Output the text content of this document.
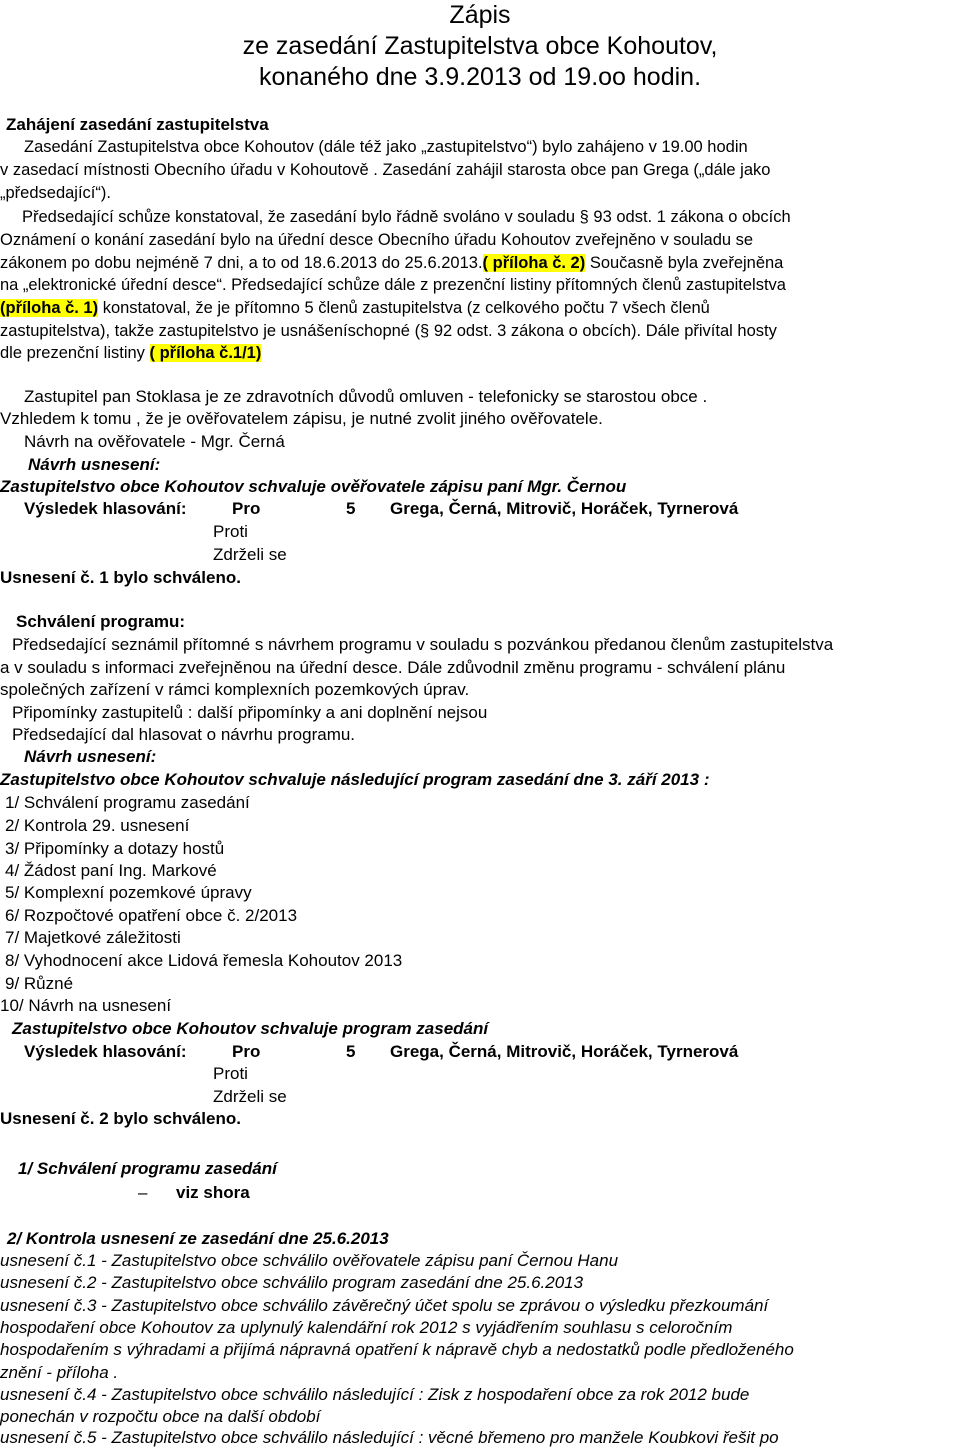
Zápis
ze zasedání Zastupitelstva obce Kohoutov,
konaného dne 3.9.2013 od 19.oo hodin.
Zahájení zasedání zastupitelstva
Zasedání Zastupitelstva obce Kohoutov (dále též jako „zastupitelstvo“) bylo zahájeno v 19.00 hodin
v zasedací místnosti Obecního úřadu v Kohoutově . Zasedání zahájil starosta obce pan Grega („dále jako
„předsedající“).
Předsedající schůze konstatoval, že zasedání bylo řádně svoláno v souladu § 93 odst. 1 zákona o obcích
Oznámení o konání zasedání bylo na úřední desce Obecního úřadu Kohoutov zveřejněno v souladu se
zákonem po dobu nejméně 7 dni, a to od 18.6.2013 do 25.6.2013.( příloha č. 2) Současně byla zveřejněna
na „elektronické úřední desce“. Předsedající schůze dále z prezenční listiny přítomných členů zastupitelstva
(příloha č. 1) konstatoval, že je přítomno 5 členů zastupitelstva (z celkového počtu 7 všech členů
zastupitelstva), takže zastupitelstvo je usnášeníschopné (§ 92 odst. 3 zákona o obcích). Dále přivítal hosty
dle prezenční listiny ( příloha č.1/1)
Zastupitel pan Stoklasa je ze zdravotních důvodů omluven - telefonicky se starostou obce .
Vzhledem k tomu , že je ověřovatelem zápisu, je nutné zvolit jiného ověřovatele.
Návrh na ověřovatele - Mgr. Černá
Návrh usnesení:
Zastupitelstvo obce Kohoutov schvaluje ověřovatele zápisu paní Mgr. Černou
Výsledek hlasování:	Pro	5 Grega, Černá, Mitrovič, Horáček, Tyrnerová
Proti
Zdrželi se
Usnesení č. 1 bylo schváleno.
Schválení programu:
Předsedající seznámil přítomné s návrhem programu v souladu s pozvánkou předanou členům zastupitelstva
a v souladu s informaci zveřejněnou na úřední desce. Dále zdůvodnil změnu programu - schválení plánu
společných zařízení v rámci komplexních pozemkových úprav.
Připomínky zastupitelů : další připomínky a ani doplnění nejsou
Předsedající dal hlasovat o návrhu programu.
Návrh usnesení:
Zastupitelstvo obce Kohoutov schvaluje následující program zasedání dne 3. září 2013 :
1/ Schválení programu zasedání
2/ Kontrola 29. usnesení
3/ Připomínky a dotazy hostů
4/ Žádost paní Ing. Markové
5/ Komplexní pozemkové úpravy
6/ Rozpočtové opatření obce č. 2/2013
7/ Majetkové záležitosti
8/ Vyhodnocení akce Lidová řemesla Kohoutov 2013
9/ Různé
10/ Návrh na usnesení
Zastupitelstvo obce Kohoutov schvaluje program zasedání
Výsledek hlasování:	Pro	5 Grega, Černá, Mitrovič, Horáček, Tyrnerová
Proti
Zdrželi se
Usnesení č. 2 bylo schváleno.
1/ Schválení programu zasedání
– viz shora
2/ Kontrola usnesení ze zasedání dne 25.6.2013
usnesení č.1 - Zastupitelstvo obce schválilo ověřovatele zápisu paní Černou Hanu
usnesení č.2 - Zastupitelstvo obce schválilo program zasedání dne 25.6.2013
usnesení č.3 - Zastupitelstvo obce schválilo závěrečný účet spolu se zprávou o výsledku přezkoumání
hospodaření obce Kohoutov za uplynulý kalendářní rok 2012 s vyjádřením souhlasu s celoročním
hospodařením s výhradami a přijímá nápravná opatření k nápravě chyb a nedostatků podle předloženého
znění - příloha .
usnesení č.4 - Zastupitelstvo obce schválilo následující : Zisk z hospodaření obce za rok 2012 bude
ponechán v rozpočtu obce na další období
usnesení č.5 - Zastupitelstvo obce schválilo následující : věcné břemeno pro manžele Koubkovi řešit po
